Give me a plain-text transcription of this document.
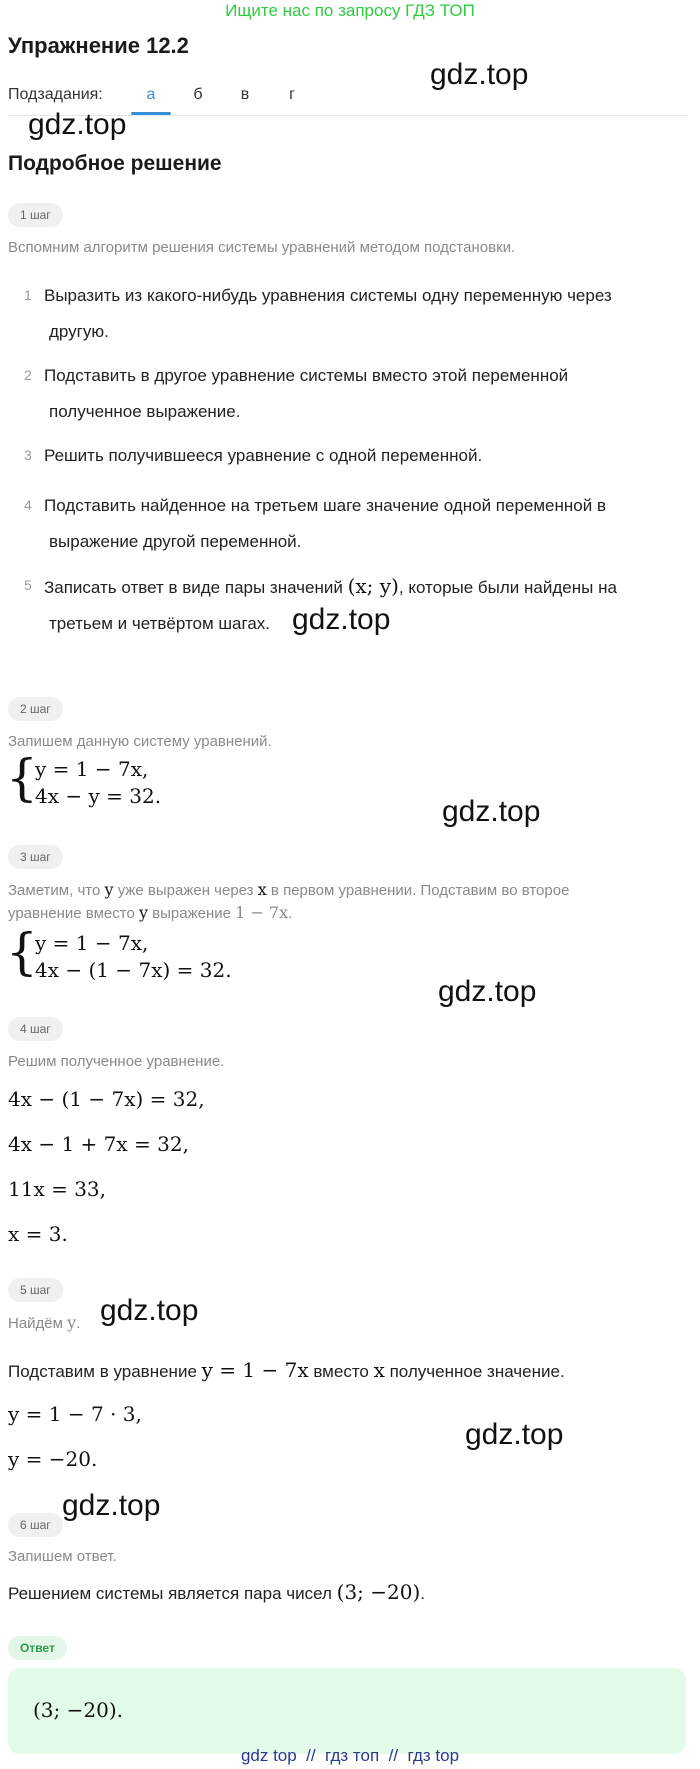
Ищите нас по запросу ГДЗ ТОП
Упражнение 12.2
Подзадания:	а	б	в	г
gdz.top
gdz.top
Подробное решение
1 шаг
Вспомним алгоритм решения системы уравнений методом подстановки.
1 Выразить из какого-нибудь уравнения системы одну переменную через
другую.
2 Подставить в другое уравнение системы вместо этой переменной
полученное выражение.
3 Решить получившееся уравнение с одной переменной.
4 Подставить найденное на третьем шаге значение одной переменной в
выражение другой переменной.
5 Записать ответ в виде пары значений (x; y), которые были найдены на
третьем и четвёртом шагах. gdz.top
2 шаг
Запишем данную систему уравнений.
{
y = 1 − 7x,
4x − y = 32.	gdz.top
3 шаг
Заметим, что y уже выражен через x в первом уравнении. Подставим во второе
уравнение вместо y выражение 1 − 7x.
{
y = 1 − 7x,
4x − (1 − 7x) = 32.
gdz.top
4 шаг
Решим полученное уравнение.
4x − (1 − 7x) = 32,
4x − 1 + 7x = 32,
11x = 33,
x = 3.
5 шаг
Найдём y. gdz.top
Подставим в уравнение y = 1 − 7x вместо x полученное значение.
y = 1 − 7 · 3,
y = −20.
gdz.top
gdz.top
6 шаг
Запишем ответ.
Решением системы является пара чисел (3; −20).
Ответ
(3; −20).
gdz top  //  гдз топ  //  гдз top
